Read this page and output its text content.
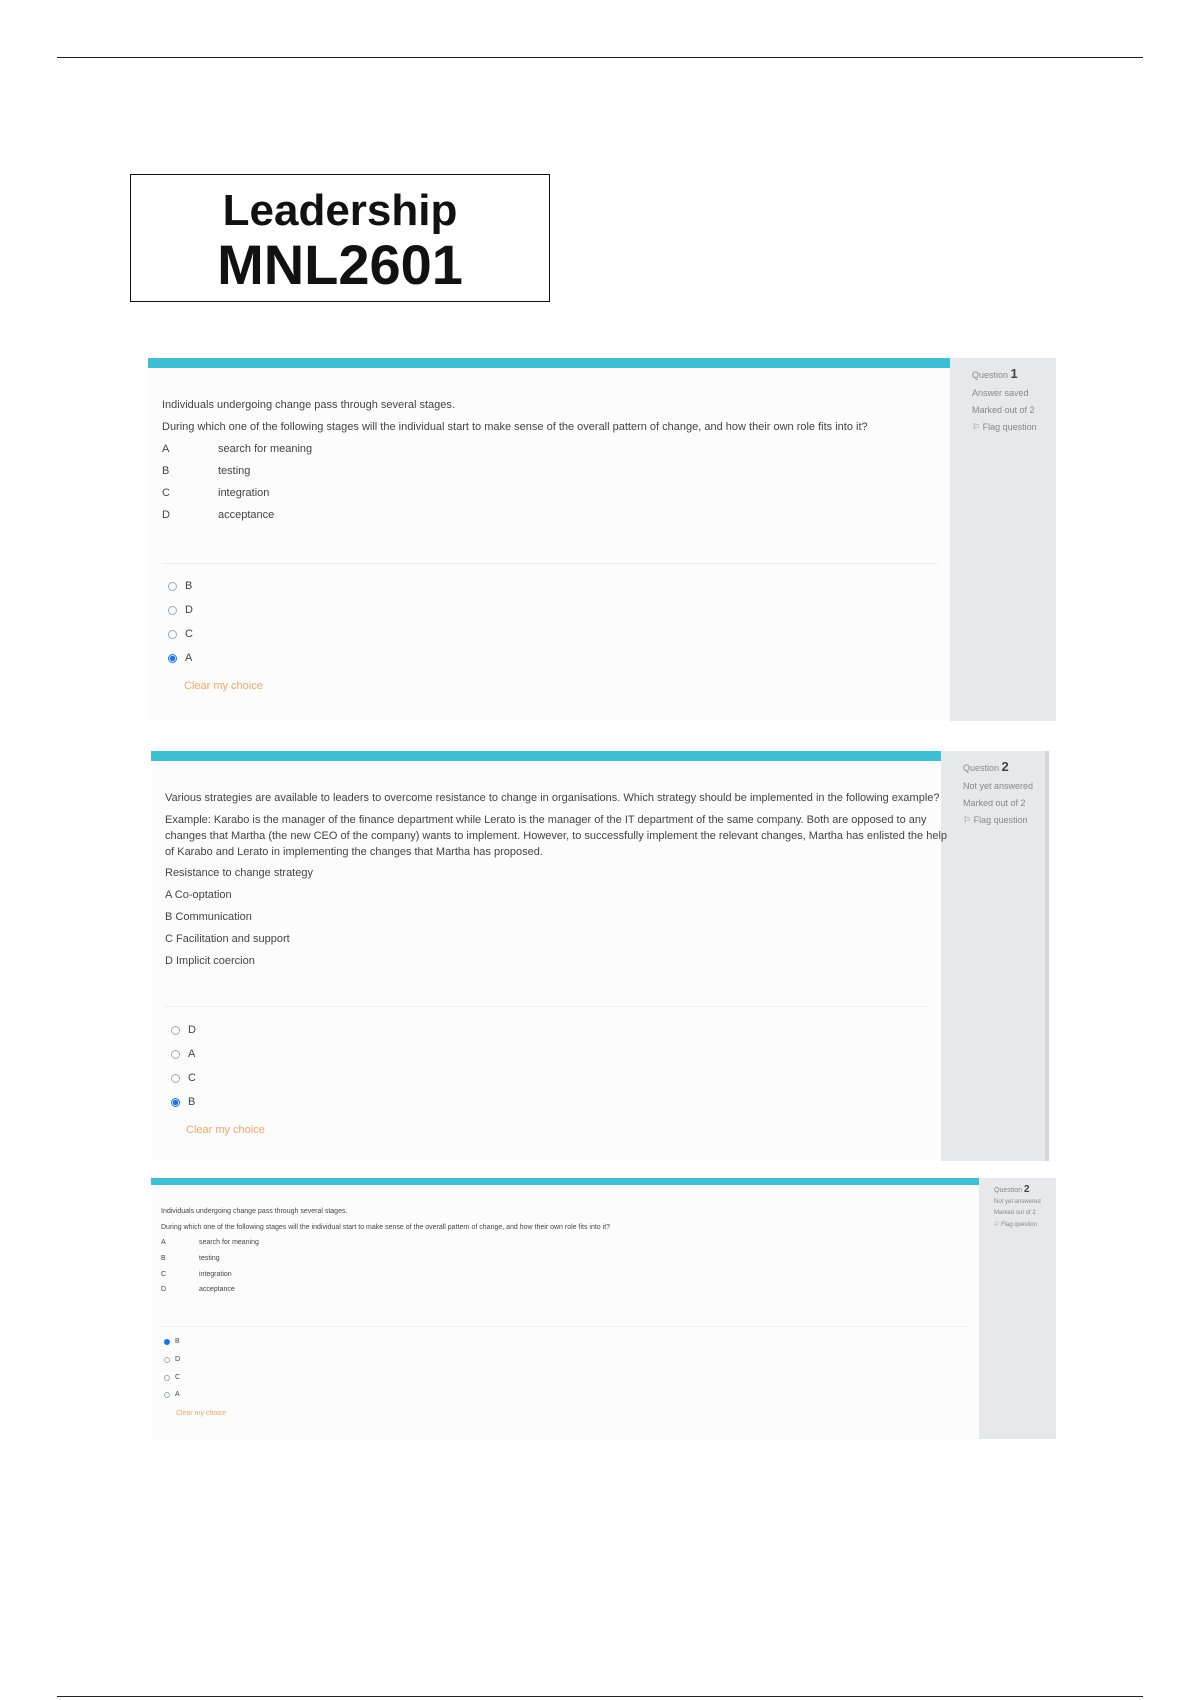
Leadership
MNL2601
Question 1
Answer saved
Marked out of 2
⚐ Flag question
Individuals undergoing change pass through several stages.
During which one of the following stages will the individual start to make sense of the overall pattern of change, and how their own role fits into it?
A	search for meaning
B	testing
C	integration
D	acceptance
B
D
C
A
Clear my choice
Question 2
Not yet answered
Marked out of 2
⚐ Flag question
Various strategies are available to leaders to overcome resistance to change in organisations. Which strategy should be implemented in the following example?
Example: Karabo is the manager of the finance department while Lerato is the manager of the IT department of the same company. Both are opposed to any
changes that Martha (the new CEO of the company) wants to implement. However, to successfully implement the relevant changes, Martha has enlisted the help
of Karabo and Lerato in implementing the changes that Martha has proposed.
Resistance to change strategy
A Co-optation
B Communication
C Facilitation and support
D Implicit coercion
D
A
C
B
Clear my choice
Question 2
Not yet answered
Marked out of 2
⚐ Flag question
Individuals undergoing change pass through several stages.
During which one of the following stages will the individual start to make sense of the overall pattern of change, and how their own role fits into it?
A	search for meaning
B	testing
C	integration
D	acceptance
B
D
C
A
Clear my choice
